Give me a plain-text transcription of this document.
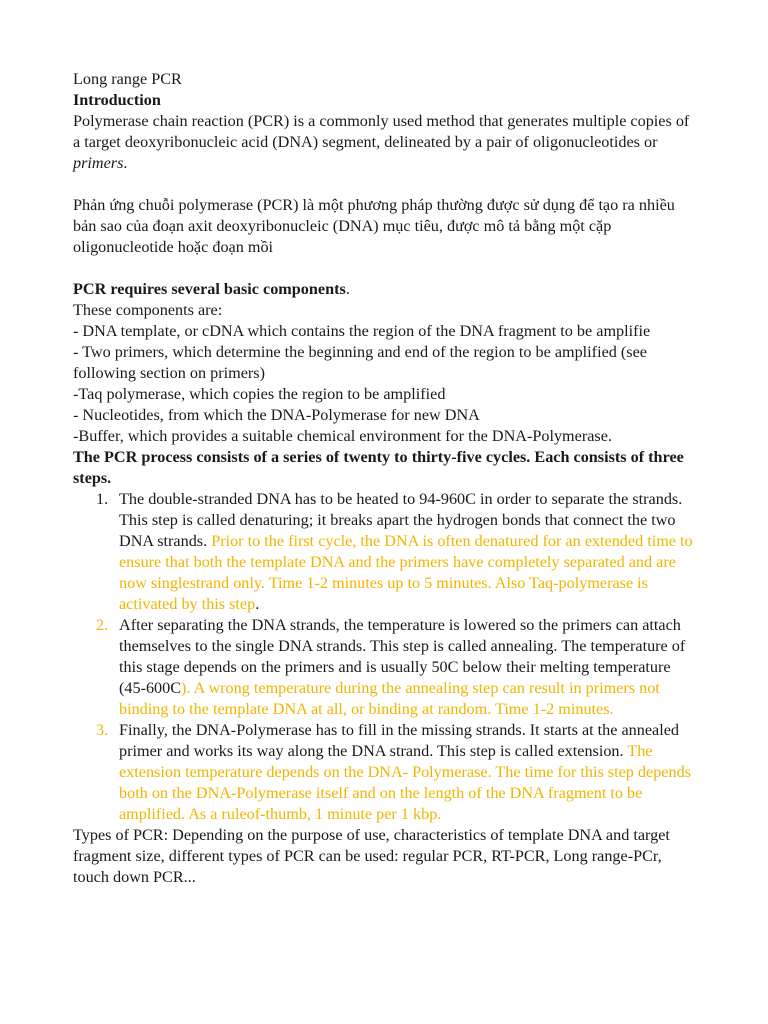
Long range PCR

Introduction

Polymerase chain reaction (PCR) is a commonly used method that generates multiple copies of a target deoxyribonucleic acid (DNA) segment, delineated by a pair of oligonucleotides or primers.

Phản ứng chuỗi polymerase (PCR) là một phương pháp thường được sử dụng để tạo ra nhiều bản sao của đoạn axit deoxyribonucleic (DNA) mục tiêu, được mô tả bằng một cặp oligonucleotide hoặc đoạn mồi

PCR requires several basic components.

These components are:

- DNA template, or cDNA which contains the region of the DNA fragment to be amplifie

- Two primers, which determine the beginning and end of the region to be amplified (see following section on primers)

-Taq polymerase, which copies the region to be amplified

- Nucleotides, from which the DNA-Polymerase for new DNA

-Buffer, which provides a suitable chemical environment for the DNA-Polymerase.

The PCR process consists of a series of twenty to thirty-five cycles. Each consists of three steps.

1. The double-stranded DNA has to be heated to 94-960C in order to separate the strands. This step is called denaturing; it breaks apart the hydrogen bonds that connect the two DNA strands. Prior to the first cycle, the DNA is often denatured for an extended time to ensure that both the template DNA and the primers have completely separated and are now singlestrand only. Time 1-2 minutes up to 5 minutes. Also Taq-polymerase is activated by this step.
2. After separating the DNA strands, the temperature is lowered so the primers can attach themselves to the single DNA strands. This step is called annealing. The temperature of this stage depends on the primers and is usually 50C below their melting temperature (45-600C). A wrong temperature during the annealing step can result in primers not binding to the template DNA at all, or binding at random. Time 1-2 minutes.
3. Finally, the DNA-Polymerase has to fill in the missing strands. It starts at the annealed primer and works its way along the DNA strand. This step is called extension. The extension temperature depends on the DNA- Polymerase. The time for this step depends both on the DNA-Polymerase itself and on the length of the DNA fragment to be amplified. As a ruleof-thumb, 1 minute per 1 kbp.

Types of PCR: Depending on the purpose of use, characteristics of template DNA and target fragment size, different types of PCR can be used: regular PCR, RT-PCR, Long range-PCr, touch down PCR...
